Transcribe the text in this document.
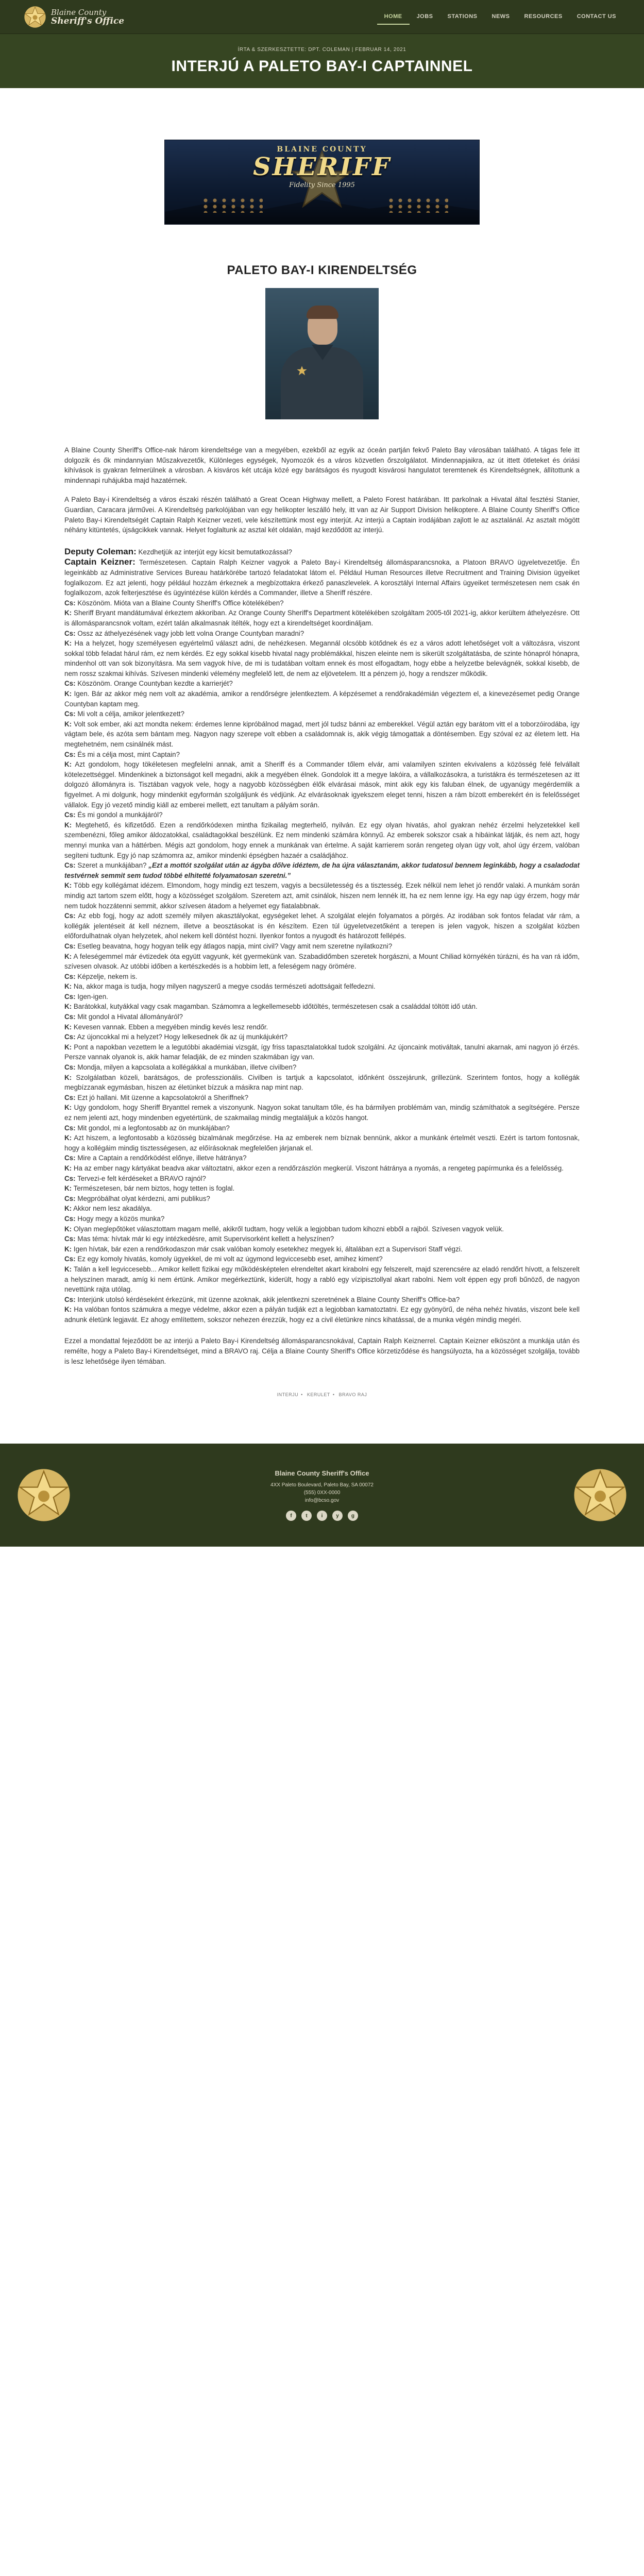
Blaine County
Sheriff's Office	HOME	JOBS	STATIONS	NEWS	RESOURCES	CONTACT US
ÍRTA & SZERKESZTETTE: DPT. COLEMAN | FEBRUAR 14, 2021
INTERJÚ A PALETO BAY-I CAPTAINNEL
BLAINE COUNTY
SHERIFF
Fidelity Since 1995
PALETO BAY-I KIRENDELTSÉG

A Blaine County Sheriff's Office-nak három kirendeltsége van a megyében, ezekből az egyik az óceán partján fekvő Paleto Bay városában található. A tágas fele itt dolgozik és ők mindannyian Műszakvezetők, Különleges egységek, Nyomozók és a város közvetlen őrszolgálatot. Mindennapjaikra, az út ittett ötleteket és óriási kihívások is gyakran felmerülnek a városban. A kisváros két utcája közé egy barátságos és nyugodt kisvárosi hangulatot teremtenek és Kirendeltségnek, állítottunk a mindennapi ruhájukba majd hazatérnek.

A Paleto Bay-i Kirendeltség a város északi részén található a Great Ocean Highway mellett, a Paleto Forest határában. Itt parkolnak a Hivatal által fesztési Stanier, Guardian, Caracara járművei. A Kirendeltség parkolójában van egy helikopter leszálló hely, itt van az Air Support Division helikoptere. A Blaine County Sheriff's Office Paleto Bay-i Kirendeltségét Captain Ralph Keizner vezeti, vele készítettünk most egy interjút. Az interjú a Captain irodájában zajlott le az asztalánál. Az asztalt mögött néhány kitüntetés, újságcikkek vannak. Helyet foglaltunk az asztal két oldalán, majd kezdődött az interjú.

Deputy Coleman: Kezdhetjük az interjút egy kicsit bemutatkozással?

Captain Keizner: Természetesen. Captain Ralph Keizner vagyok a Paleto Bay-i Kirendeltség állomásparancsnoka, a Platoon BRAVO ügyeletvezetője. Én legeinkább az Administrative Services Bureau határkörébe tartozó feladatokat látom el. Például Human Resources illetve Recruitment and Training Division ügyeiket foglalkozom. Ez azt jelenti, hogy például hozzám érkeznek a megbízottakra érkező panaszlevelek. A korosztályi Internal Affairs ügyeiket természetesen nem csak én foglalkozom, azok felterjesztése és ügyintézése külön kérdés a Commander, illetve a Sheriff részére.

Cs: Köszönöm. Mióta van a Blaine County Sheriff's Office kötelékében?

K: Sheriff Bryant mandátumával érkeztem akkoriban. Az Orange County Sheriff's Department kötelékében szolgáltam 2005-től 2021-ig, akkor kerültem áthelyezésre. Ott is állomásparancsnok voltam, ezért talán alkalmasnak ítélték, hogy ezt a kirendeltséget koordináljam.

Cs: Ossz az áthelyezésének vagy jobb lett volna Orange Countyban maradni?

K: Ha a helyzet, hogy személyesen egyértelmű választ adni, de nehézkesen. Megannál olcsóbb kötődnek és ez a város adott lehetőséget volt a változásra, viszont sokkal több feladat hárul rám, ez nem kérdés. Ez egy sokkal kisebb hivatal nagy problémákkal, hiszen eleinte nem is sikerült szolgáltatásba, de szinte hónapról hónapra, mindenhol ott van sok bizonyításra. Ma sem vagyok híve, de mi is tudatában voltam ennek és most elfogadtam, hogy ebbe a helyzetbe belevágnék, sokkal kisebb, de nem rossz szakmai kihívás. Szívesen mindenki vélemény megfelelő lett, de nem az eljövetelem. Itt a pénzem jó, hogy a rendszer működik.

Cs: Köszönöm. Orange Countyban kezdte a karrierjét?

K: Igen. Bár az akkor még nem volt az akadémia, amikor a rendőrségre jelentkeztem. A képzésemet a rendőrakadémián végeztem el, a kinevezésemet pedig Orange Countyban kaptam meg.

Cs: Mi volt a célja, amikor jelentkezett?

K: Volt sok ember, aki azt mondta nekem: érdemes lenne kipróbálnod magad, mert jól tudsz bánni az emberekkel. Végül aztán egy barátom vitt el a toborzóirodába, így vágtam bele, és azóta sem bántam meg. Nagyon nagy szerepe volt ebben a családomnak is, akik végig támogattak a döntésemben. Egy szóval ez az életem lett. Ha megtehetném, nem csinálnék mást.

Cs: És mi a célja most, mint Captain?

K: Azt gondolom, hogy tökéletesen megfelelni annak, amit a Sheriff és a Commander tőlem elvár, ami valamilyen szinten ekvivalens a közösség felé felvállalt kötelezettséggel. Mindenkinek a biztonságot kell megadni, akik a megyében élnek. Gondolok itt a megye lakóira, a vállalkozásokra, a turistákra és természetesen az itt dolgozó állományra is. Tisztában vagyok vele, hogy a nagyobb közösségben élők elvárásai mások, mint akik egy kis faluban élnek, de ugyanúgy megérdemlik a figyelmet. A mi dolgunk, hogy mindenkit egyformán szolgáljunk és védjünk. Az elvárásoknak igyekszem eleget tenni, hiszen a rám bízott emberekért én is felelősséget vállalok. Egy jó vezető mindig kiáll az emberei mellett, ezt tanultam a pályám során.

Cs: És mi gondol a munkájáról?

K: Megtehető, és kifizetődő. Ezen a rendőrkódexen mintha fizikailag megterhelő, nyilván. Ez egy olyan hivatás, ahol gyakran nehéz érzelmi helyzetekkel kell szembenézni, főleg amikor áldozatokkal, családtagokkal beszélünk. Ez nem mindenki számára könnyű. Az emberek sokszor csak a hibáinkat látják, és nem azt, hogy mennyi munka van a háttérben. Mégis azt gondolom, hogy ennek a munkának van értelme. A saját karrierem során rengeteg olyan ügy volt, ahol úgy érzem, valóban segíteni tudtunk. Egy jó nap számomra az, amikor mindenki épségben hazaér a családjához.

Cs: Szeret a munkájában? „Ezt a mottót szolgálat után az ágyba dőlve idéztem, de ha újra választanám, akkor tudatosul bennem leginkább, hogy a csaladodat testvérnek semmit sem tudod többé elhitetté folyamatosan szeretni.”

K: Több egy kollégámat idézem. Elmondom, hogy mindig ezt teszem, vagyis a becsületesség és a tisztesség. Ezek nélkül nem lehet jó rendőr valaki. A munkám során mindig azt tartom szem előtt, hogy a közösséget szolgálom. Szeretem azt, amit csinálok, hiszen nem lennék itt, ha ez nem lenne így. Ha egy nap úgy érzem, hogy már nem tudok hozzátenni semmit, akkor szívesen átadom a helyemet egy fiatalabbnak.

Cs: Az ebb fogj, hogy az adott személy milyen akasztályokat, egységeket lehet. A szolgálat elején folyamatos a pörgés. Az irodában sok fontos feladat vár rám, a kollégák jelentéseit át kell néznem, illetve a beosztásokat is én készítem. Ezen túl ügyeletvezetőként a terepen is jelen vagyok, hiszen a szolgálat közben előfordulhatnak olyan helyzetek, ahol nekem kell döntést hozni. Ilyenkor fontos a nyugodt és határozott fellépés.

Cs: Esetleg beavatna, hogy hogyan telik egy átlagos napja, mint civil? Vagy amit nem szeretne nyilatkozni?

K: A feleségemmel már évtizedek óta együtt vagyunk, két gyermekünk van. Szabadidőmben szeretek horgászni, a Mount Chiliad környékén túrázni, és ha van rá időm, szívesen olvasok. Az utóbbi időben a kertészkedés is a hobbim lett, a feleségem nagy örömére.

Cs: Képzelje, nekem is.

K: Na, akkor maga is tudja, hogy milyen nagyszerű a megye csodás természeti adottságait felfedezni.

Cs: Igen-igen.

K: Barátokkal, kutyákkal vagy csak magamban. Számomra a legkellemesebb időtöltés, természetesen csak a családdal töltött idő után.

Cs: Mit gondol a Hivatal állományáról?

K: Kevesen vannak. Ebben a megyében mindig kevés lesz rendőr.

Cs: Az újoncokkal mi a helyzet? Hogy lelkesednek ők az új munkájukért?

K: Pont a napokban vezettem le a legutóbbi akadémiai vizsgát, így friss tapasztalatokkal tudok szolgálni. Az újoncaink motiváltak, tanulni akarnak, ami nagyon jó érzés. Persze vannak olyanok is, akik hamar feladják, de ez minden szakmában így van.

Cs: Mondja, milyen a kapcsolata a kollégákkal a munkában, illetve civilben?

K: Szolgálatban közeli, barátságos, de professzionális. Civilben is tartjuk a kapcsolatot, időnként összejárunk, grillezünk. Szerintem fontos, hogy a kollégák megbízzanak egymásban, hiszen az életünket bízzuk a másikra nap mint nap.

Cs: Ezt jó hallani. Mit üzenne a kapcsolatokról a Sheriffnek?

K: Ugy gondolom, hogy Sheriff Bryanttel remek a viszonyunk. Nagyon sokat tanultam tőle, és ha bármilyen problémám van, mindig számíthatok a segítségére. Persze ez nem jelenti azt, hogy mindenben egyetértünk, de szakmailag mindig megtaláljuk a közös hangot.

Cs: Mit gondol, mi a legfontosabb az ön munkájában?

K: Azt hiszem, a legfontosabb a közösség bizalmának megőrzése. Ha az emberek nem bíznak bennünk, akkor a munkánk értelmét veszti. Ezért is tartom fontosnak, hogy a kollégáim mindig tisztességesen, az előírásoknak megfelelően járjanak el.

Cs: Mire a Captain a rendőrködést előnye, illetve hátránya?

K: Ha az ember nagy kártyákat beadva akar változtatni, akkor ezen a rendőrzászlón megkerül. Viszont hátránya a nyomás, a rengeteg papírmunka és a felelősség.

Cs: Tervezi-e felt kérdéseket a BRAVO rajnól?

K: Természetesen, bár nem biztos, hogy tetten is foglal.

Cs: Megpróbálhat olyat kérdezni, ami publikus?

K: Akkor nem lesz akadálya.

Cs: Hogy megy a közös munka?

K: Olyan meglepőtöket választottam magam mellé, akikről tudtam, hogy velük a legjobban tudom kihozni ebből a rajból. Szívesen vagyok velük.

Cs: Mas téma: hívtak már ki egy intézkedésre, amit Supervisorként kellett a helyszínen?

K: Igen hívtak, bár ezen a rendőrkodaszon már csak valóban komoly esetekhez megyek ki, általában ezt a Supervisori Staff végzi.

Cs: Ez egy komoly hivatás, komoly ügyekkel, de mi volt az úgymond legviccesebb eset, amihez kiment?

K: Talán a kell legviccesebb... Amikor kellett fizikai egy működésképtelen elrendeltet akart kirabolni egy felszerelt, majd szerencsére az eladó rendőrt hívott, a felszerelt a helyszínen maradt, amíg ki nem értünk. Amikor megérkeztünk, kiderült, hogy a rabló egy vízipisztollyal akart rabolni. Nem volt éppen egy profi bűnöző, de nagyon nevettünk rajta utólag.

Cs: Interjúnk utolsó kérdéseként érkezünk, mit üzenne azoknak, akik jelentkezni szeretnének a Blaine County Sheriff's Office-ba?

K: Ha valóban fontos számukra a megye védelme, akkor ezen a pályán tudják ezt a legjobban kamatoztatni. Ez egy gyönyörű, de néha nehéz hivatás, viszont bele kell adnunk életünk legjavát. Ez ahogy említettem, sokszor nehezen érezzük, hogy ez a civil életünkre nincs kihatással, de a munka végén mindig megéri.

Ezzel a mondattal fejeződött be az interjú a Paleto Bay-i Kirendeltség állomásparancsnokával, Captain Ralph Keiznerrel. Captain Keizner elköszönt a munkája után és remélte, hogy a Paleto Bay-i Kirendeltséget, mind a BRAVO raj. Célja a Blaine County Sheriff's Office körzetiződése és hangsúlyozta, ha a közösséget szolgálja, tovább is lesz lehetősége ilyen témában.

INTERJU • KERULET • BRAVO RAJ
Blaine County Sheriff's Office
4XX Paleto Boulevard, Paleto Bay, SA 00072
(555) 0XX-0000
info@bcso.gov
f	t	i	y	g
